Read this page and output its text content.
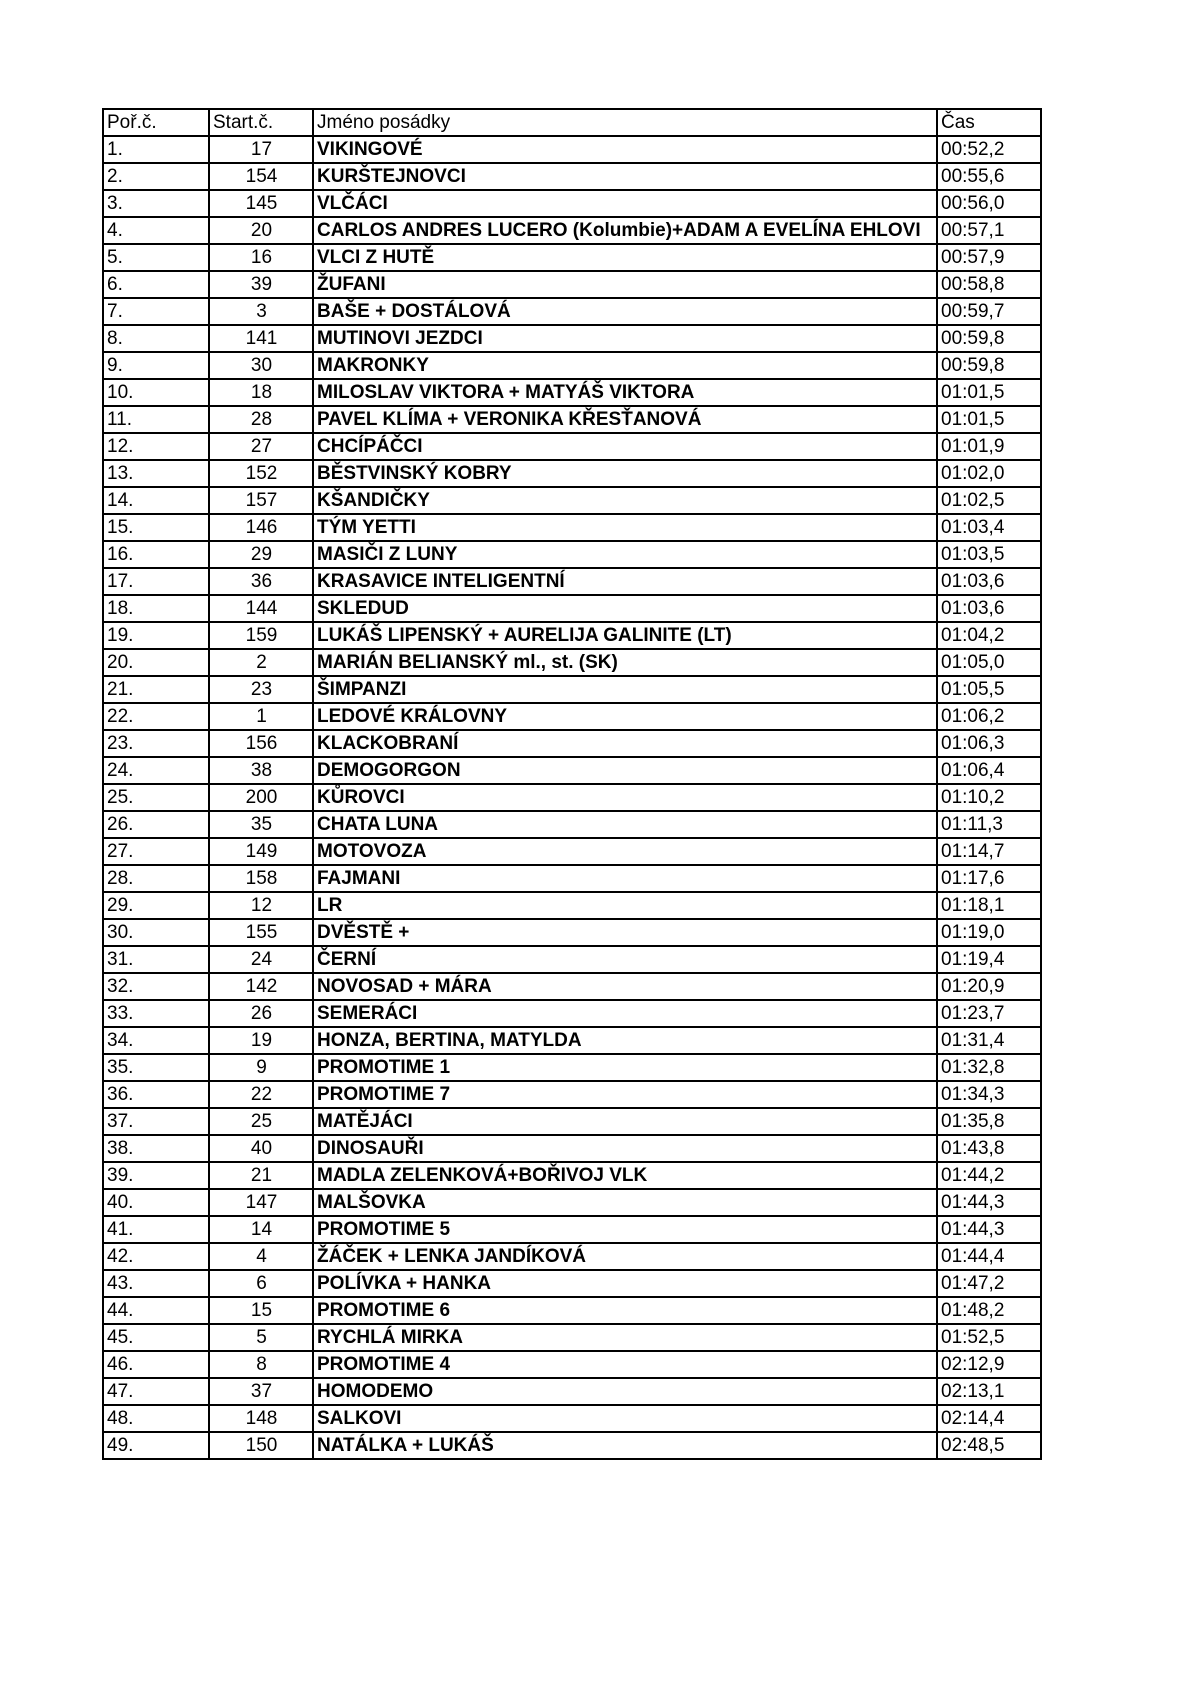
Poř.č.	Start.č.	Jméno posádky	Čas
1.	17	VIKINGOVÉ	00:52,2
2.	154	KURŠTEJNOVCI	00:55,6
3.	145	VLČÁCI	00:56,0
4.	20	CARLOS ANDRES LUCERO (Kolumbie)+ADAM A EVELÍNA EHLOVI	00:57,1
5.	16	VLCI Z HUTĚ	00:57,9
6.	39	ŽUFANI	00:58,8
7.	3	BAŠE + DOSTÁLOVÁ	00:59,7
8.	141	MUTINOVI JEZDCI	00:59,8
9.	30	MAKRONKY	00:59,8
10.	18	MILOSLAV VIKTORA + MATYÁŠ VIKTORA	01:01,5
11.	28	PAVEL KLÍMA + VERONIKA KŘESŤANOVÁ	01:01,5
12.	27	CHCÍPÁČCI	01:01,9
13.	152	BĚSTVINSKÝ KOBRY	01:02,0
14.	157	KŠANDIČKY	01:02,5
15.	146	TÝM YETTI	01:03,4
16.	29	MASIČI Z LUNY	01:03,5
17.	36	KRASAVICE INTELIGENTNÍ	01:03,6
18.	144	SKLEDUD	01:03,6
19.	159	LUKÁŠ LIPENSKÝ + AURELIJA GALINITE (LT)	01:04,2
20.	2	MARIÁN BELIANSKÝ ml., st. (SK)	01:05,0
21.	23	ŠIMPANZI	01:05,5
22.	1	LEDOVÉ KRÁLOVNY	01:06,2
23.	156	KLACKOBRANÍ	01:06,3
24.	38	DEMOGORGON	01:06,4
25.	200	KŮROVCI	01:10,2
26.	35	CHATA LUNA	01:11,3
27.	149	MOTOVOZA	01:14,7
28.	158	FAJMANI	01:17,6
29.	12	LR	01:18,1
30.	155	DVĚSTĚ +	01:19,0
31.	24	ČERNÍ	01:19,4
32.	142	NOVOSAD + MÁRA	01:20,9
33.	26	SEMERÁCI	01:23,7
34.	19	HONZA, BERTINA, MATYLDA	01:31,4
35.	9	PROMOTIME 1	01:32,8
36.	22	PROMOTIME 7	01:34,3
37.	25	MATĚJÁCI	01:35,8
38.	40	DINOSAUŘI	01:43,8
39.	21	MADLA ZELENKOVÁ+BOŘIVOJ VLK	01:44,2
40.	147	MALŠOVKA	01:44,3
41.	14	PROMOTIME 5	01:44,3
42.	4	ŽÁČEK + LENKA JANDÍKOVÁ	01:44,4
43.	6	POLÍVKA + HANKA	01:47,2
44.	15	PROMOTIME 6	01:48,2
45.	5	RYCHLÁ MIRKA	01:52,5
46.	8	PROMOTIME 4	02:12,9
47.	37	HOMODEMO	02:13,1
48.	148	SALKOVI	02:14,4
49.	150	NATÁLKA + LUKÁŠ	02:48,5
